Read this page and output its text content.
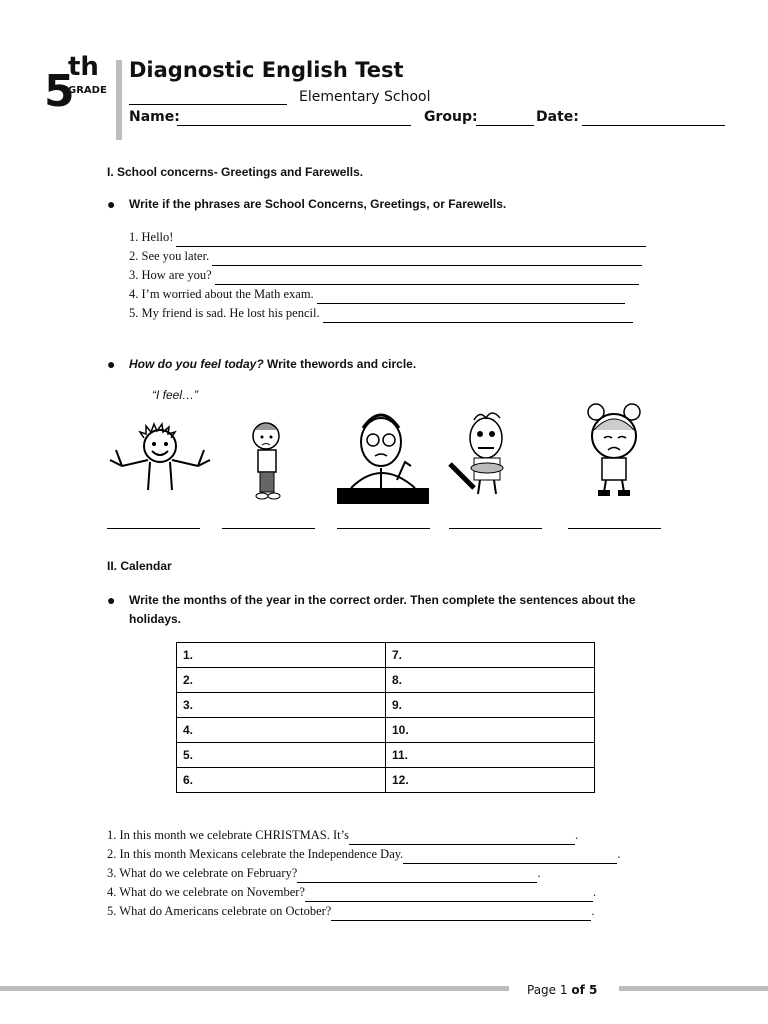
5
th
GRADE
Diagnostic English Test
Elementary School
Name:	Group:	Date:
I. School concerns- Greetings and Farewells.
● Write if the phrases are School Concerns, Greetings, or Farewells.
1. Hello!
2. See you later.
3. How are you?
4. I’m worried about the Math exam.
5. My friend is sad. He lost his pencil.
● How do you feel today? Write thewords and circle.
“I feel…”
II. Calendar
● Write the months of the year in the correct order. Then complete the sentences about the holidays.
1.	7.
2.	8.
3.	9.
4.	10.
5.	11.
6.	12.
1. In this month we celebrate CHRISTMAS. It’s	.
2. In this month Mexicans celebrate the Independence Day.	.
3. What do we celebrate on February?	.
4. What do we celebrate on November?	.
5. What do Americans celebrate on October?	.
Page 1 of 5
